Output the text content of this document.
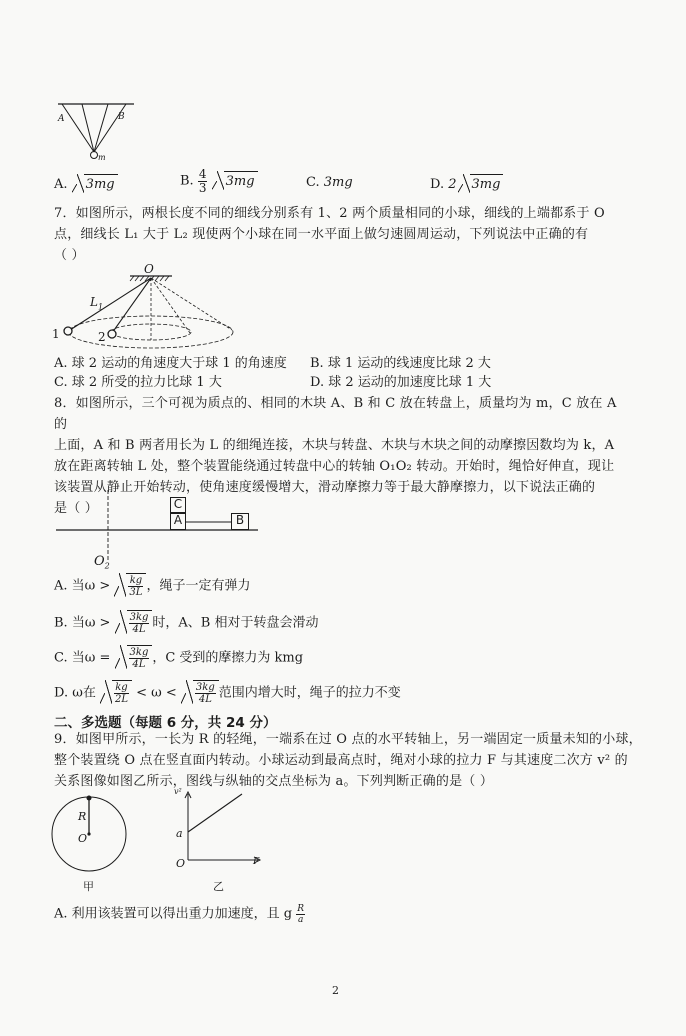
A	B
m
A. 3mg	B. $\frac{4}{3} 3mg$	C. 3mg	D. 2 3mg
7．如图所示，两根长度不同的细线分别系有 1、2 两个质量相同的小球，细线的上端都系于 O
点，细线长 L₁ 大于 L₂ 现使两个小球在同一水平面上做匀速圆周运动，下列说法中正确的有
（ ）
O
$L_1$
1	2
A. 球 2 运动的角速度大于球 1 的角速度 B. 球 1 运动的线速度比球 2 大
C. 球 2 所受的拉力比球 1 大	D. 球 2 运动的加速度比球 1 大
8．如图所示，三个可视为质点的、相同的木块 A、B 和 C 放在转盘上，质量均为 m，C 放在 A 的
上面，A 和 B 两者用长为 L 的细绳连接，木块与转盘、木块与木块之间的动摩擦因数均为 k，A
放在距离转轴 L 处，整个装置能绕通过转盘中心的转轴 O₁O₂ 转动。开始时，绳恰好伸直，现让
该装置从静止开始转动，使角速度缓慢增大，滑动摩擦力等于最大静摩擦力，以下说法正确的
是（ ）	C
A	B
$O_2$
A. 当$\omega > \frac{kg}{3L}$ ，绳子一定有弹力
B. 当$\omega > \frac{3kg}{4L}$ 时，A、B 相对于转盘会滑动
C. 当$\omega = \frac{3kg}{4L}$ ，C 受到的摩擦力为 kmg
D. ω在 $\frac{kg}{2L} < \omega < \frac{3kg}{4L}$ 范围内增大时，绳子的拉力不变
二、多选题（每题 6 分，共 24 分）
9．如图甲所示，一长为 R 的轻绳，一端系在过 O 点的水平转轴上，另一端固定一质量未知的小球，
整个装置绕 O 点在竖直面内转动。小球运动到最高点时，绳对小球的拉力 F 与其速度二次方 v² 的
关系图像如图乙所示，图线与纵轴的交点坐标为 a。下列判断正确的是（ ）
R
O
甲
v²
a
O	F
乙
A. 利用该装置可以得出重力加速度，且 g $\frac{R}{a}$
2
